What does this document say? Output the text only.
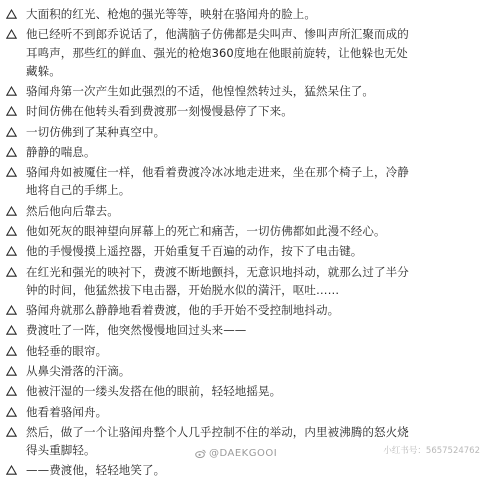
大面积的红光、枪炮的强光等等，映射在骆闻舟的脸上。
他已经听不到郎乔说话了，他满脑子仿佛都是尖叫声、惨叫声所汇聚而成的
耳鸣声，那些红的鲜血、强光的枪炮360度地在他眼前旋转，让他躲也无处
藏躲。
骆闻舟第一次产生如此强烈的不适，他惶惶然转过头，猛然呆住了。
时间仿佛在他转头看到费渡那一刻慢慢悬停了下来。
一切仿佛到了某种真空中。
静静的喘息。
骆闻舟如被魇住一样，他看着费渡冷冰冰地走进来，坐在那个椅子上，冷静
地将自己的手绑上。
然后他向后靠去。
他如死灰的眼神望向屏幕上的死亡和痛苦，一切仿佛都如此漫不经心。
他的手慢慢摸上遥控器，开始重复千百遍的动作，按下了电击键。
在红光和强光的映衬下，费渡不断地颤抖，无意识地抖动，就那么过了半分
钟的时间，他猛然拔下电击器，开始脱水似的満汗，呕吐……
骆闻舟就那么静静地看着费渡，他的手开始不受控制地抖动。
费渡吐了一阵，他突然慢慢地回过头来——
他轻垂的眼帘。
从鼻尖滑落的汗滴。
他被汗湿的一缕头发搭在他的眼前，轻轻地摇晃。
他看着骆闻舟。
然后，做了一个让骆闻舟整个人几乎控制不住的举动，内里被沸腾的怒火烧
得头重脚轻。
——费渡他，轻轻地笑了。
@DAEKGOOI	小红书号：5657524762
